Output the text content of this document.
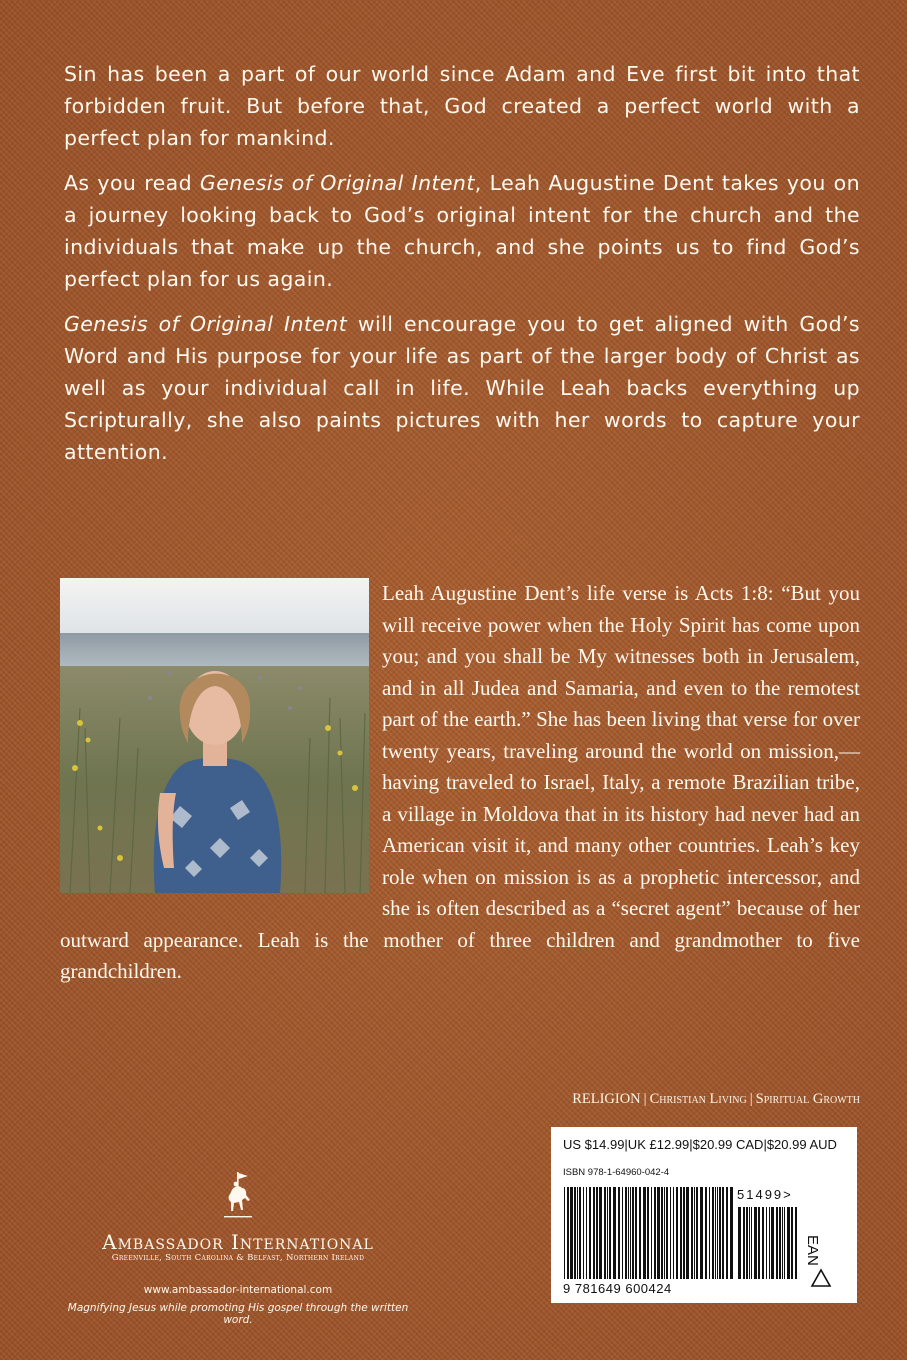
Sin has been a part of our world since Adam and Eve first bit into that forbidden fruit. But before that, God created a perfect world with a perfect plan for mankind.

As you read Genesis of Original Intent, Leah Augustine Dent takes you on a journey looking back to God’s original intent for the church and the individuals that make up the church, and she points us to find God’s perfect plan for us again.

Genesis of Original Intent will encourage you to get aligned with God’s Word and His purpose for your life as part of the larger body of Christ as well as your individual call in life. While Leah backs everything up Scripturally, she also paints pictures with her words to capture your attention.

Leah Augustine Dent’s life verse is Acts 1:8: “But you will receive power when the Holy Spirit has come upon you; and you shall be My witnesses both in Jerusalem, and in all Judea and Samaria, and even to the remotest part of the earth.” She has been living that verse for over twenty years, traveling around the world on mission,—having traveled to Israel, Italy, a remote Brazilian tribe, a village in Moldova that in its history had never had an American visit it, and many other countries. Leah’s key role when on mission is as a prophetic intercessor, and she is often described as a “secret agent” because of her outward appearance. Leah is the mother of three children and grandmother to five grandchildren.
RELIGION | Christian Living | Spiritual Growth
US $14.99|UK £12.99|$20.99 CAD|$20.99 AUD
ISBN 978-1-64960-042-4
51499>
EAN
9 781649 600424
Ambassador International
Greenville, South Carolina & Belfast, Northern Ireland
www.ambassador-international.com
Magnifying Jesus while promoting His gospel through the written word.
